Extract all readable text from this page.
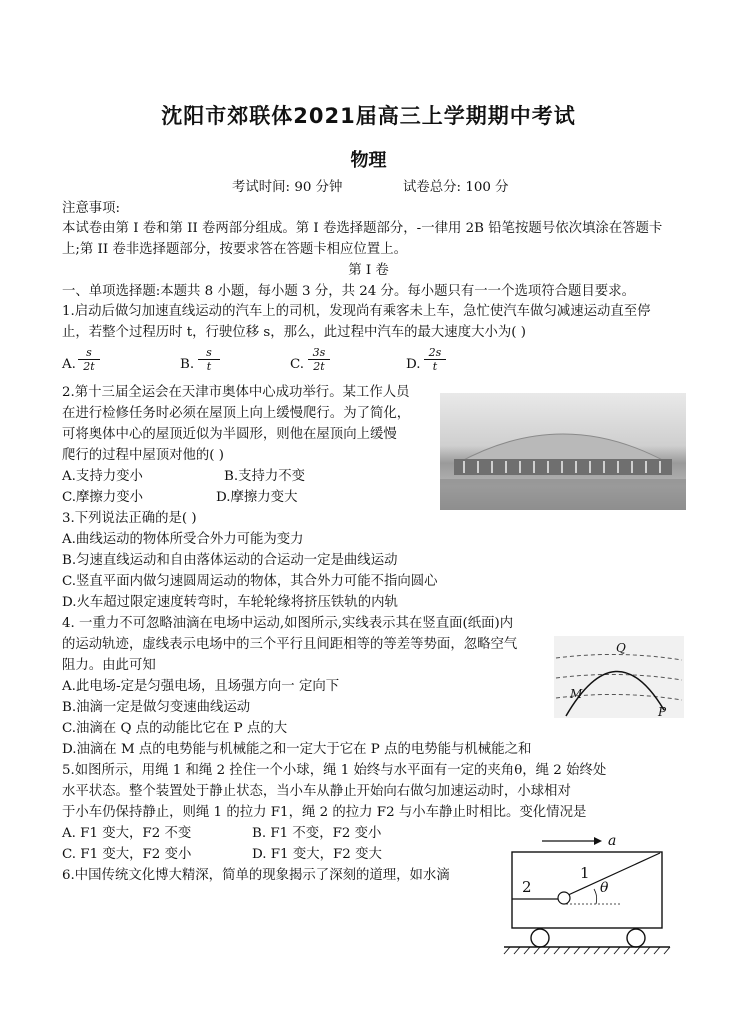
沈阳市郊联体2021届高三上学期期中考试
物理
考试时间: 90 分钟	试卷总分: 100 分
注意事项:
本试卷由第 I 卷和第 II 卷两部分组成。第 I 卷选择题部分，-一律用 2B 铅笔按题号依次填涂在答题卡
上;第 II 卷非选择题部分，按要求答在答题卡相应位置上。
第 I 卷
一、单项选择题:本题共 8 小题，每小题 3 分，共 24 分。每小题只有一一个选项符合题目要求。
1.启动后做匀加速直线运动的汽车上的司机，发现尚有乘客未上车，急忙使汽车做匀减速运动直至停
止，若整个过程历时 t，行驶位移 s，那么，此过程中汽车的最大速度大小为( )
A. $\frac{s}{2t}$	B. $\frac{s}{t}$	C. $\frac{3s}{2t}$	D. $\frac{2s}{t}$
2.第十三届全运会在天津市奥体中心成功举行。某工作人员
在进行检修任务时必须在屋顶上向上缓慢爬行。为了简化，
可将奥体中心的屋顶近似为半圆形，则他在屋顶向上缓慢
爬行的过程中屋顶对他的( )
A.支持力变小	B.支持力不变
C.摩擦力变小	D.摩擦力变大
3.下列说法正确的是( )
A.曲线运动的物体所受合外力可能为变力
B.匀速直线运动和自由落体运动的合运动一定是曲线运动
C.竖直平面内做匀速圆周运动的物体，其合外力可能不指向圆心
D.火车超过限定速度转弯时，车轮轮缘将挤压铁轨的内轨
4. 一重力不可忽略油滴在电场中运动,如图所示,实线表示其在竖直面(纸面)内
的运动轨迹，虚线表示电场中的三个平行且间距相等的等差等势面，忽略空气
阻力。由此可知
A.此电场-定是匀强电场，且场强方向一 定向下
B.油滴一定是做匀变速曲线运动
C.油滴在 Q 点的动能比它在 P 点的大
D.油滴在 M 点的电势能与机械能之和一定大于它在 P 点的电势能与机械能之和
Q
M
P
5.如图所示，用绳 1 和绳 2 拴住一个小球，绳 1 始终与水平面有一定的夹角θ，绳 2 始终处
水平状态。整个装置处于静止状态，当小车从静止开始向右做匀加速运动时，小球相对
于小车仍保持静止，则绳 1 的拉力 F1，绳 2 的拉力 F2 与小车静止时相比。变化情况是
A. F1 变大，F2 不变	B. F1 不变，F2 变小
C. F1 变大，F2 变小	D. F1 变大，F2 变大
a
2
1
θ
6.中国传统文化博大精深，简单的现象揭示了深刻的道理，如水滴
